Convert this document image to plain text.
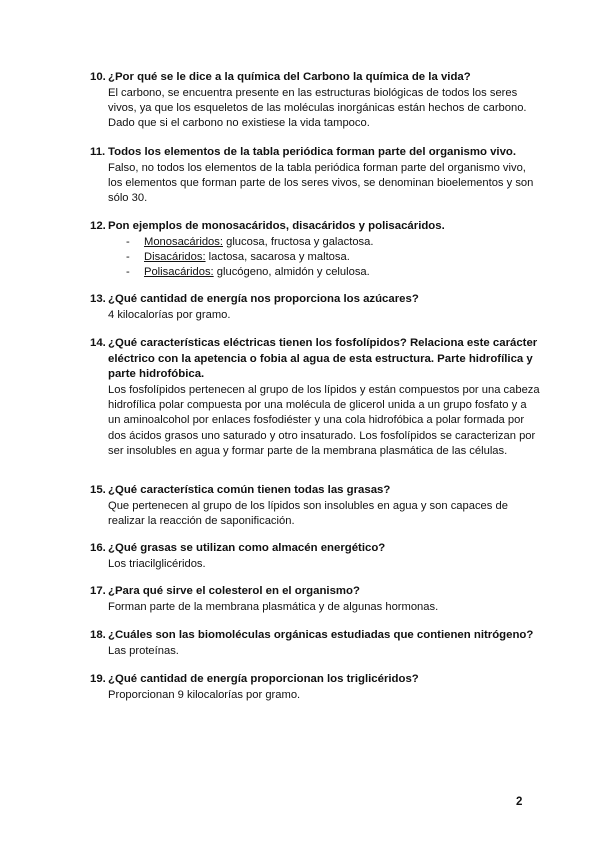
10. ¿Por qué se le dice a la química del Carbono la química de la vida?
El carbono, se encuentra presente en las estructuras biológicas de todos los seres vivos, ya que los esqueletos de las moléculas inorgánicas están hechos de carbono. Dado que si el carbono no existiese la vida tampoco.
11. Todos los elementos de la tabla periódica forman parte del organismo vivo.
Falso, no todos los elementos de la tabla periódica forman parte del organismo vivo, los elementos que forman parte de los seres vivos, se denominan bioelementos y son sólo 30.
12. Pon ejemplos de monosacáridos, disacáridos y polisacáridos.
-	Monosacáridos: glucosa, fructosa y galactosa.
-	Disacáridos: lactosa, sacarosa y maltosa.
-	Polisacáridos: glucógeno, almidón y celulosa.
13. ¿Qué cantidad de energía nos proporciona los azúcares?
4 kilocalorías por gramo.
14. ¿Qué características eléctricas tienen los fosfolípidos? Relaciona este carácter eléctrico con la apetencia o fobia al agua de esta estructura. Parte hidrofílica y parte hidrofóbica.
Los fosfolípidos pertenecen al grupo de los lípidos y están compuestos por una cabeza hidrofílica polar compuesta por una molécula de glicerol unida a un grupo fosfato y a un aminoalcohol por enlaces fosfodiéster y una cola hidrofóbica a polar formada por dos ácidos grasos uno saturado y otro insaturado. Los fosfolípidos se caracterizan por ser insolubles en agua y formar parte de la membrana plasmática de las células.
15. ¿Qué característica común tienen todas las grasas?
Que pertenecen al grupo de los lípidos son insolubles en agua y son capaces de realizar la reacción de saponificación.
16. ¿Qué grasas se utilizan como almacén energético?
Los triacilglicéridos.
17. ¿Para qué sirve el colesterol en el organismo?
Forman parte de la membrana plasmática y de algunas hormonas.
18. ¿Cuáles son las biomoléculas orgánicas estudiadas que contienen nitrógeno?
Las proteínas.
19. ¿Qué cantidad de energía proporcionan los triglicéridos?
Proporcionan 9 kilocalorías por gramo.
2
